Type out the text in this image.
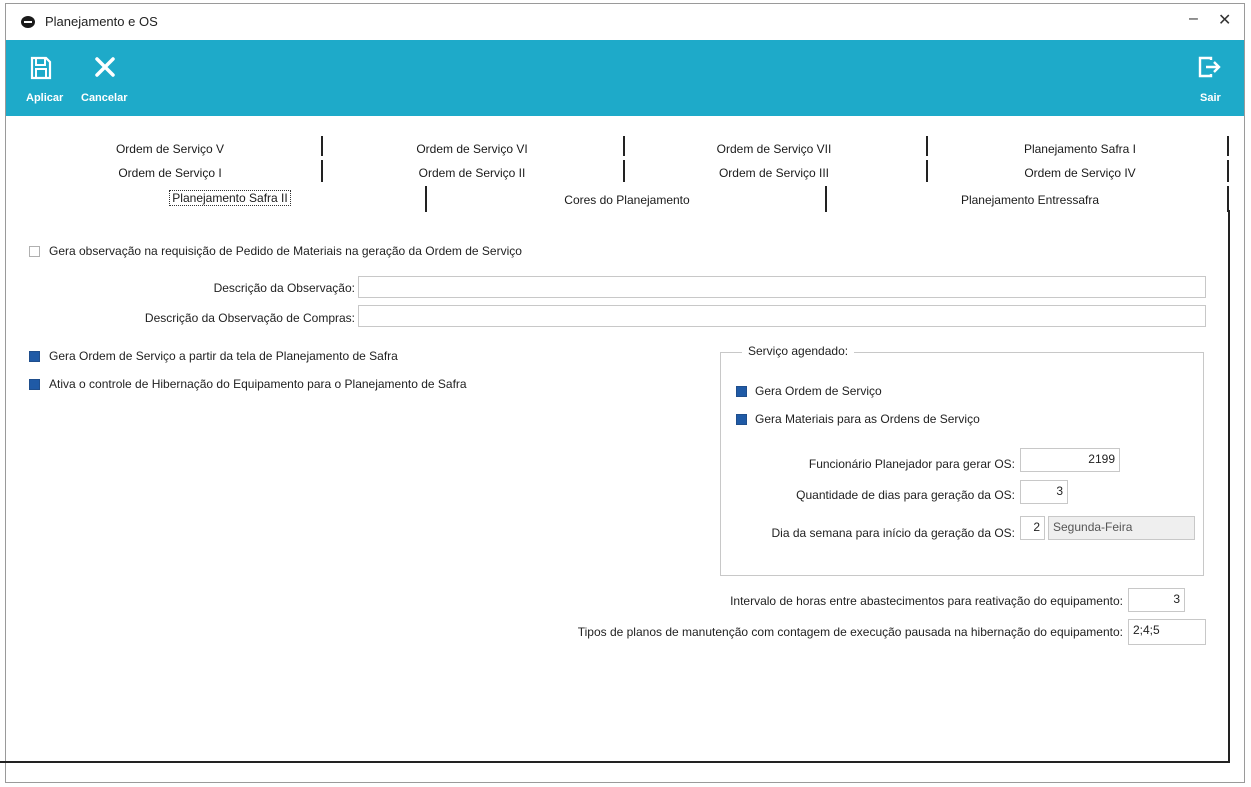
Planejamento e OS	– ✕
Aplicar Cancelar	Sair
Ordem de Serviço V	Ordem de Serviço VI	Ordem de Serviço VII	Planejamento Safra I
Ordem de Serviço I	Ordem de Serviço II	Ordem de Serviço III	Ordem de Serviço IV
Planejamento Safra II	Cores do Planejamento	Planejamento Entressafra
Gera observação na requisição de Pedido de Materiais na geração da Ordem de Serviço
Descrição da Observação:
Descrição da Observação de Compras:
Gera Ordem de Serviço a partir da tela de Planejamento de Safra
Ativa o controle de Hibernação do Equipamento para o Planejamento de Safra
Serviço agendado:
Gera Ordem de Serviço
Gera Materiais para as Ordens de Serviço
Funcionário Planejador para gerar OS:	2199
Quantidade de dias para geração da OS:	3
Dia da semana para início da geração da OS:	2	Segunda-Feira
Intervalo de horas entre abastecimentos para reativação do equipamento:	3
Tipos de planos de manutenção com contagem de execução pausada na hibernação do equipamento: 2;4;5
